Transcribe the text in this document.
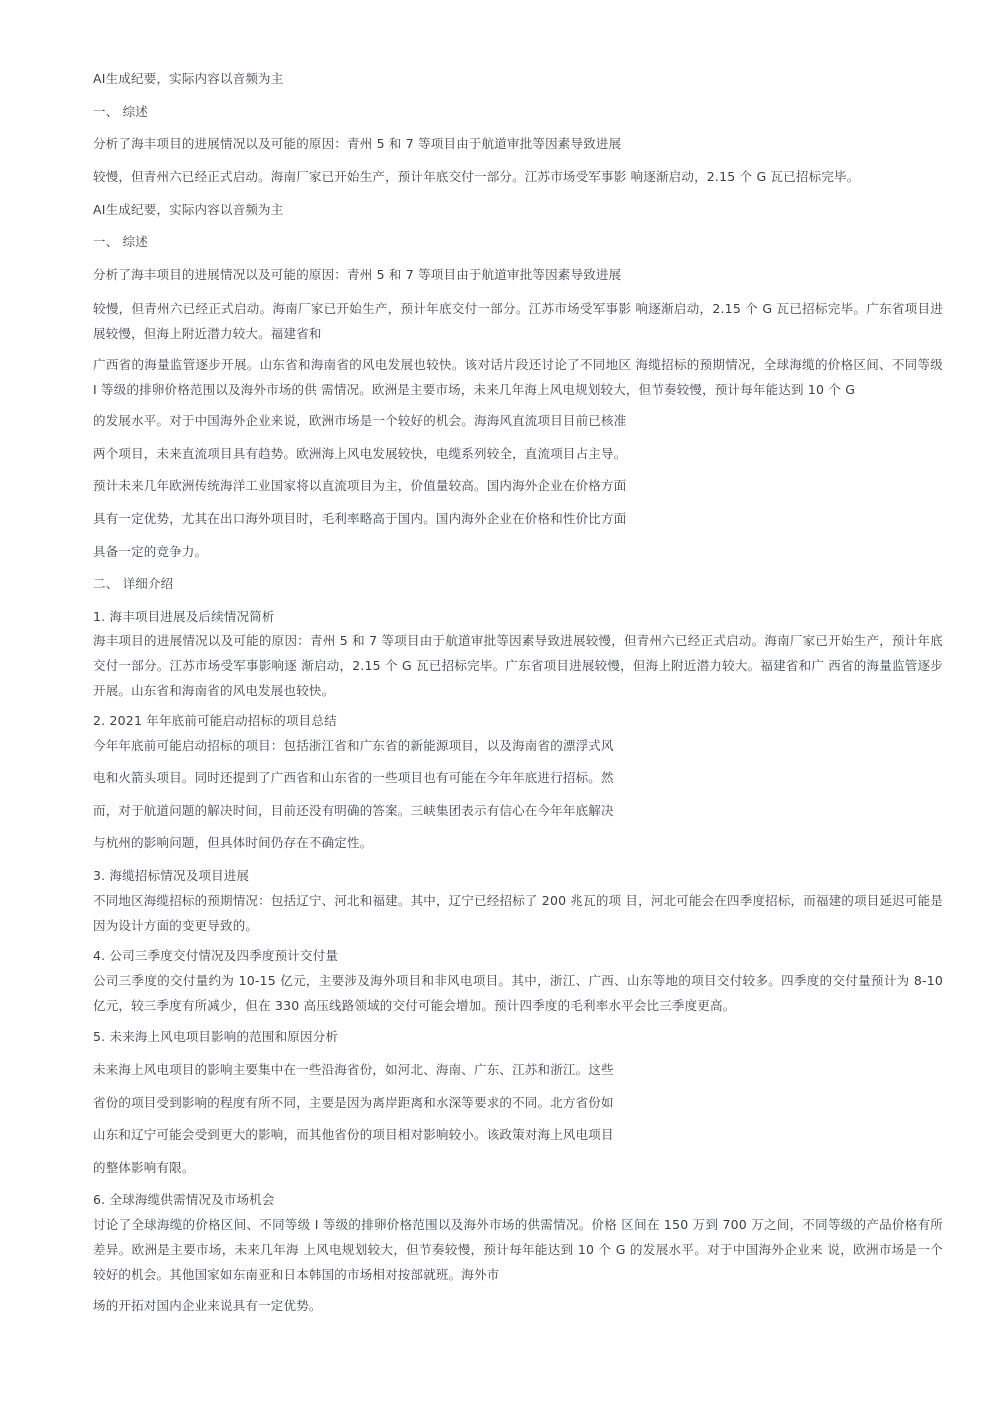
AI生成纪要，实际内容以音频为主
一、 综述
分析了海丰项目的进展情况以及可能的原因：青州 5 和 7 等项目由于航道审批等因素导致进展
较慢，但青州六已经正式启动。海南厂家已开始生产，预计年底交付一部分。江苏市场受军事影 响逐渐启动，2.15 个 G 瓦已招标完毕。
AI生成纪要，实际内容以音频为主
一、 综述
分析了海丰项目的进展情况以及可能的原因：青州 5 和 7 等项目由于航道审批等因素导致进展
较慢，但青州六已经正式启动。海南厂家已开始生产，预计年底交付一部分。江苏市场受军事影 响逐渐启动，2.15 个 G 瓦已招标完毕。广东省项目进展较慢，但海上附近潜力较大。福建省和
广西省的海量监管逐步开展。山东省和海南省的风电发展也较快。该对话片段还讨论了不同地区 海缆招标的预期情况，全球海缆的价格区间、不同等级 I 等级的排卵价格范围以及海外市场的供 需情况。欧洲是主要市场，未来几年海上风电规划较大，但节奏较慢，预计每年能达到 10 个 G
的发展水平。对于中国海外企业来说，欧洲市场是一个较好的机会。海海风直流项目目前已核准
两个项目，未来直流项目具有趋势。欧洲海上风电发展较快，电缆系列较全，直流项目占主导。
预计未来几年欧洲传统海洋工业国家将以直流项目为主，价值量较高。国内海外企业在价格方面
具有一定优势，尤其在出口海外项目时，毛利率略高于国内。国内海外企业在价格和性价比方面
具备一定的竞争力。
二、 详细介绍
1. 海丰项目进展及后续情况简析
海丰项目的进展情况以及可能的原因：青州 5 和 7 等项目由于航道审批等因素导致进展较慢，但青州六已经正式启动。海南厂家已开始生产，预计年底交付一部分。江苏市场受军事影响逐 渐启动，2.15 个 G 瓦已招标完毕。广东省项目进展较慢，但海上附近潜力较大。福建省和广 西省的海量监管逐步开展。山东省和海南省的风电发展也较快。
2. 2021 年年底前可能启动招标的项目总结
今年年底前可能启动招标的项目：包括浙江省和广东省的新能源项目，以及海南省的漂浮式风
电和火箭头项目。同时还提到了广西省和山东省的一些项目也有可能在今年年底进行招标。然
而，对于航道问题的解决时间，目前还没有明确的答案。三峡集团表示有信心在今年年底解决
与杭州的影响问题，但具体时间仍存在不确定性。
3. 海缆招标情况及项目进展
不同地区海缆招标的预期情况：包括辽宁、河北和福建。其中，辽宁已经招标了 200 兆瓦的项 目，河北可能会在四季度招标，而福建的项目延迟可能是因为设计方面的变更导致的。
4. 公司三季度交付情况及四季度预计交付量
公司三季度的交付量约为 10-15 亿元，主要涉及海外项目和非风电项目。其中，浙江、广西、山东等地的项目交付较多。四季度的交付量预计为 8-10 亿元，较三季度有所减少，但在 330 高压线路领域的交付可能会增加。预计四季度的毛利率水平会比三季度更高。
5. 未来海上风电项目影响的范围和原因分析
未来海上风电项目的影响主要集中在一些沿海省份，如河北、海南、广东、江苏和浙江。这些
省份的项目受到影响的程度有所不同，主要是因为离岸距离和水深等要求的不同。北方省份如
山东和辽宁可能会受到更大的影响，而其他省份的项目相对影响较小。该政策对海上风电项目
的整体影响有限。
6. 全球海缆供需情况及市场机会
讨论了全球海缆的价格区间、不同等级 I 等级的排卵价格范围以及海外市场的供需情况。价格 区间在 150 万到 700 万之间，不同等级的产品价格有所差异。欧洲是主要市场，未来几年海 上风电规划较大，但节奏较慢，预计每年能达到 10 个 G 的发展水平。对于中国海外企业来 说，欧洲市场是一个较好的机会。其他国家如东南亚和日本韩国的市场相对按部就班。海外市
场的开拓对国内企业来说具有一定优势。
